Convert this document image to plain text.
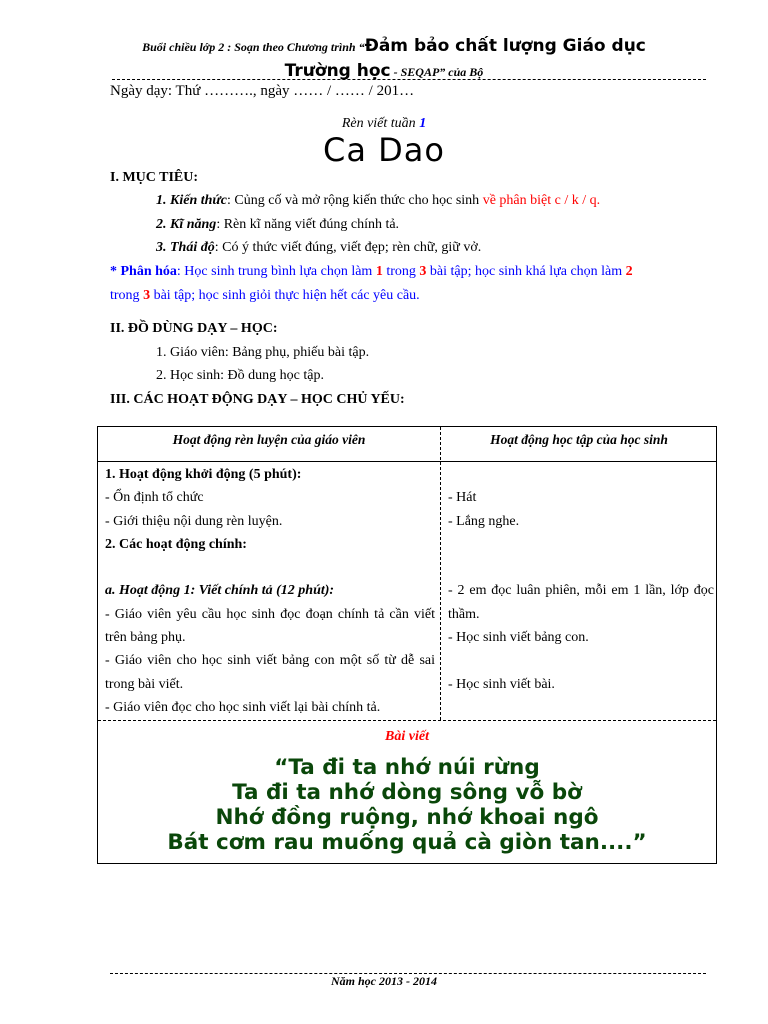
Buổi chiều lớp 2 : Soạn theo Chương trình “Đảm bảo chất lượng Giáo dục
Trường học - SEQAP” của Bộ
Ngày dạy: Thứ ………., ngày …… / …… / 201…
Rèn viết tuần 1
Ca Dao
I. MỤC TIÊU:
1. Kiến thức: Củng cố và mở rộng kiến thức cho học sinh về phân biệt c / k / q.
2. Kĩ năng: Rèn kĩ năng viết đúng chính tả.
3. Thái độ: Có ý thức viết đúng, viết đẹp; rèn chữ, giữ vở.
* Phân hóa: Học sinh trung bình lựa chọn làm 1 trong 3 bài tập; học sinh khá lựa chọn làm 2
trong 3 bài tập; học sinh giỏi thực hiện hết các yêu cầu.
II. ĐỒ DÙNG DẠY – HỌC:
1. Giáo viên: Bảng phụ, phiếu bài tập.
2. Học sinh: Đồ dung học tập.
III. CÁC HOẠT ĐỘNG DẠY – HỌC CHỦ YẾU:
Hoạt động rèn luyện của giáo viên	Hoạt động học tập của học sinh
1. Hoạt động khởi động (5 phút):
- Ổn định tổ chức
- Giới thiệu nội dung rèn luyện.
2. Các hoạt động chính:
a. Hoạt động 1: Viết chính tả (12 phút):
- Giáo viên yêu cầu học sinh đọc đoạn chính tả cần viết trên bảng phụ.
- Giáo viên cho học sinh viết bảng con một số từ dễ sai trong bài viết.
- Giáo viên đọc cho học sinh viết lại bài chính tả.
- Hát
- Lắng nghe.
- 2 em đọc luân phiên, mỗi em 1 lần, lớp đọc thầm.
- Học sinh viết bảng con.
- Học sinh viết bài.
Bài viết
“Ta đi ta nhớ núi rừng
Ta đi ta nhớ dòng sông vỗ bờ
Nhớ đồng ruộng, nhớ khoai ngô
Bát cơm rau muống quả cà giòn tan....”
Năm học 2013 - 2014
